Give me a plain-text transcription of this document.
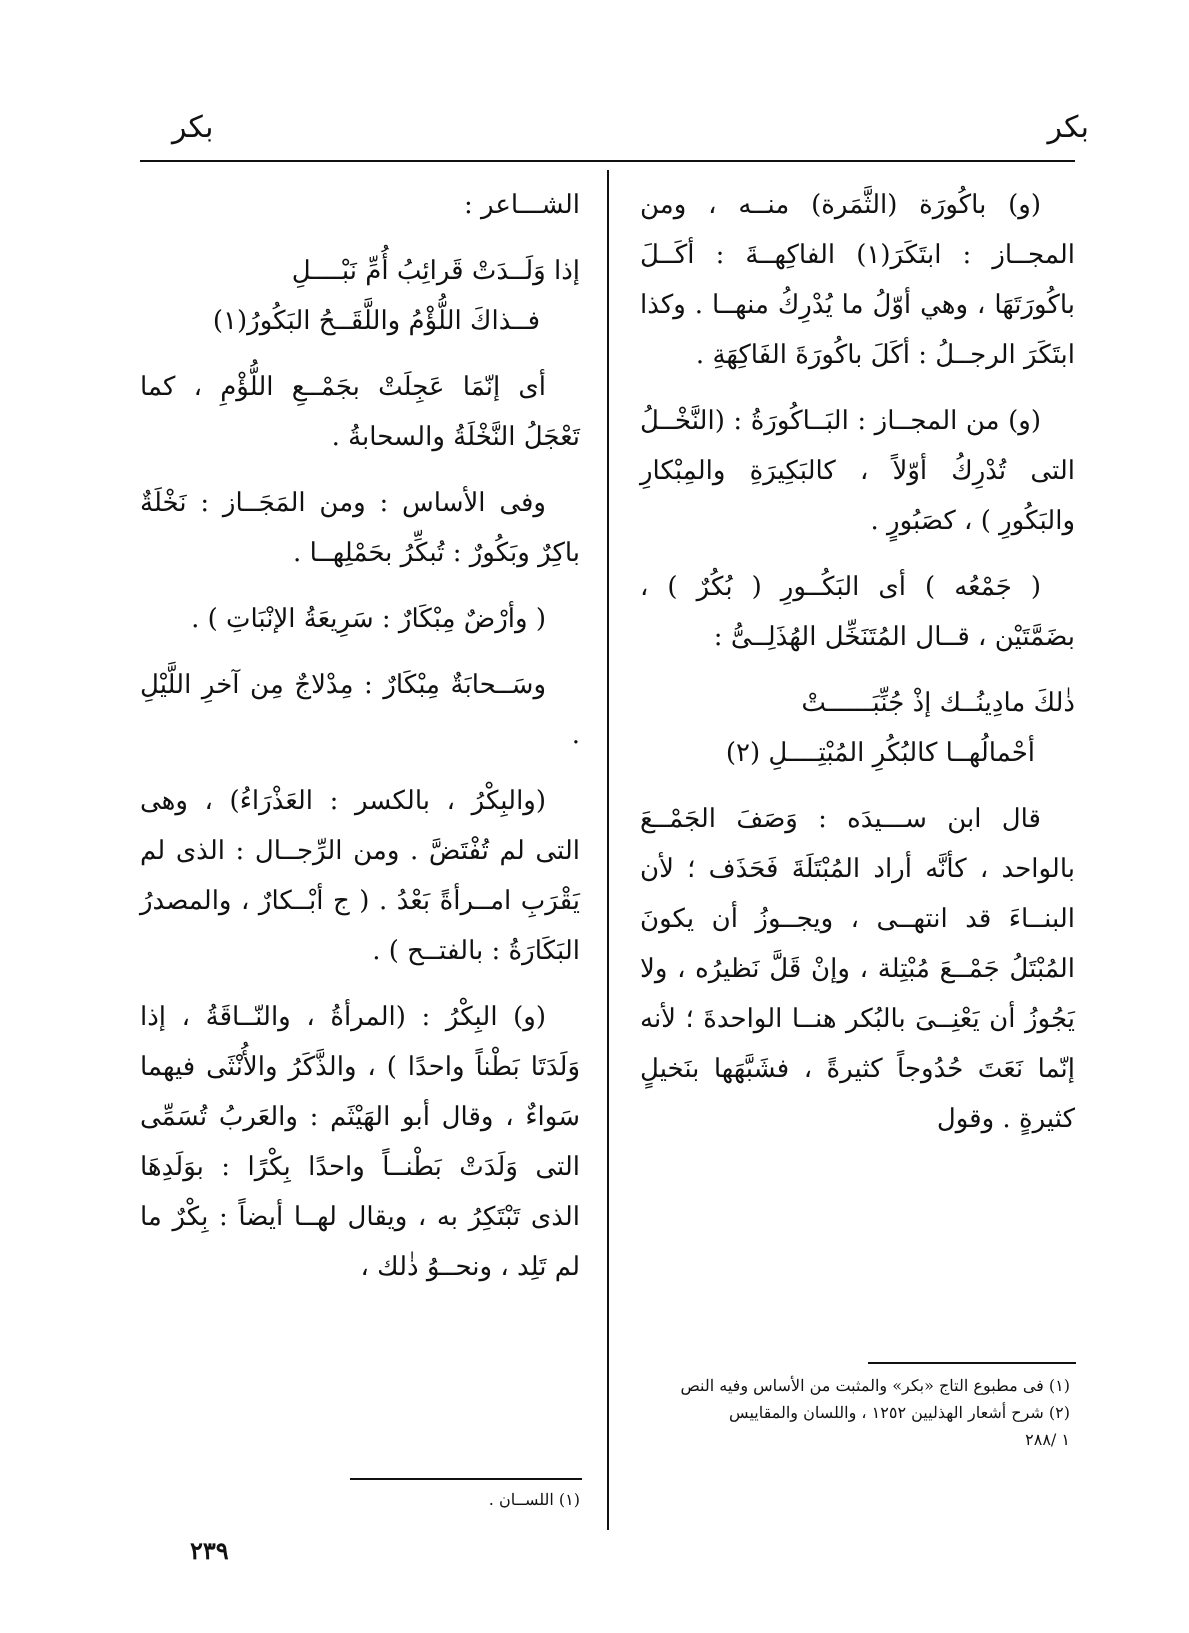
بكر
بكر

(و) باكُورَة (الثَّمَرة) منــه ، ومن المجــاز : ابتَكَرَ(١) الفاكِهــةَ : أكَــلَ باكُورَتَهَا ، وهي أوّلُ ما يُدْرِكُ منهــا . وكذا ابتَكَرَ الرجــلُ : أكَلَ باكُورَةَ الفَاكِهَةِ .

(و) من المجــاز : البَــاكُورَةُ : (النَّخْــلُ التى تُدْرِكُ أوّلاً ، كالبَكِيرَةِ والمِبْكارِ والبَكُورِ ) ، كصَبُورٍ .

( جَمْعُه ) أى البَكُــورِ ( بُكُرٌ ) ، بضَمَّتَيْن ، قــال المُتَنَخِّل الهُذَلِــىُّ :

ذٰلكَ مادِينُــك إذْ جُنِّبَــــــتْ
أحْمالُهــا كالبُكُرِ المُبْتِــــلِ (٢)

قال ابن ســـيدَه : وَصَفَ الجَمْــعَ بالواحد ، كأنَّه أراد المُبْتَلَةَ فَحَذَف ؛ لأن البنــاءَ قد انتهــى ، ويجــوزُ أن يكونَ المُبْتَلُ جَمْــعَ مُبْتِلة ، وإنْ قَلَّ نَظيرُه ، ولا يَجُوزُ أن يَعْنِــىَ بالبُكر هنــا الواحدةَ ؛ لأنه إنّما نَعَتَ حُدُوجاً كثيرةً ، فشَبَّهَها بنَخيلٍ كثيرةٍ . وقول

(١) فى مطبوع التاج «بكر» والمثبت من الأساس وفيه النص
(٢) شرح أشعار الهذليين ١٢٥٢ ، واللسان والمقاييس
١ /٢٨٨

الشـــاعر :

إذا وَلَــدَتْ قَرائِبُ أُمِّ نَبْــــلِ
فــذاكَ اللُّؤْمُ واللَّقَــحُ البَكُورُ(١)

أى إنّمَا عَجِلَتْ بجَمْــعِ اللُّؤْمِ ، كما تَعْجَلُ النَّخْلَةُ والسحابةُ .

وفى الأساس : ومن المَجَــاز : نَخْلَةٌ باكِرٌ وبَكُورٌ : تُبكِّرُ بحَمْلِهــا .

( وأرْضٌ مِبْكَارٌ : سَرِيعَةُ الإنْبَاتِ ) .

وسَــحابَةٌ مِبْكَارٌ : مِدْلاجٌ مِن آخرِ اللَّيْلِ .

(والبِكْرُ ، بالكسر : العَذْرَاءُ) ، وهى التى لم تُفْتَضَّ . ومن الرِّجــال : الذى لم يَقْرَبِ امــرأةً بَعْدُ . ( ج أبْــكارٌ ، والمصدرُ البَكَارَةُ : بالفتــح ) .

(و) البِكْرُ : (المرأةُ ، والنّــاقَةُ ، إذا وَلَدَتَا بَطْناً واحدًا ) ، والذَّكَرُ والأُنْثَى فيهما سَواءٌ ، وقال أبو الهَيْثَم : والعَربُ تُسَمِّى التى وَلَدَتْ بَطْنــاً واحدًا بِكْرًا : بوَلَدِهَا الذى تَبْتَكِرُ به ، ويقال لهــا أيضاً : بِكْرٌ ما لم تَلِد ، ونحــوُ ذٰلك ،

(١) اللســان .
٢٣٩
